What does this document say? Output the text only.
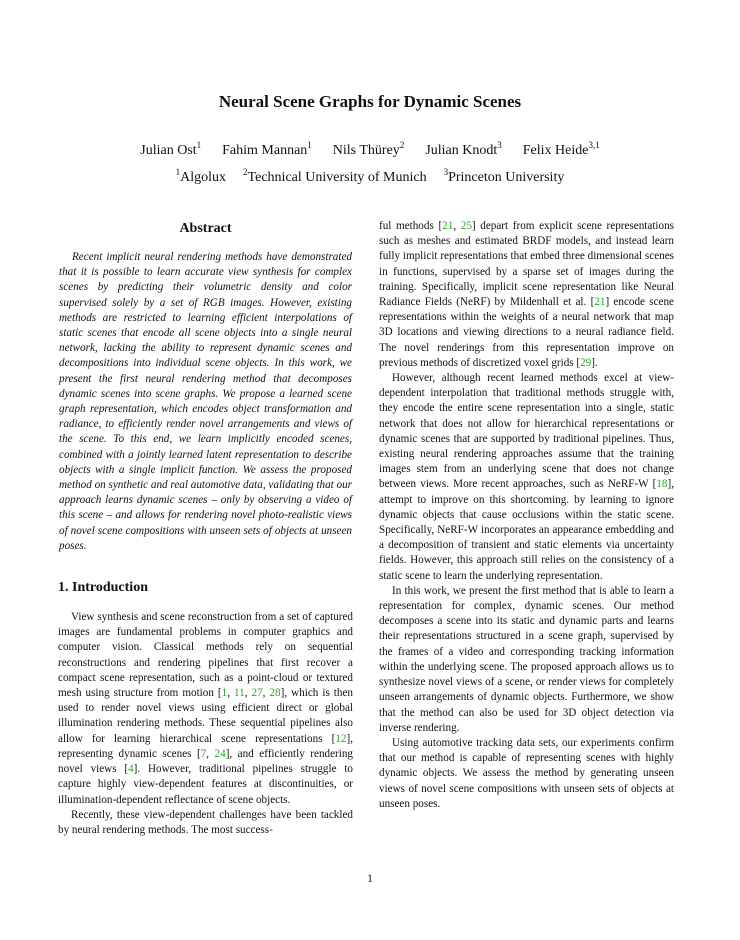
Neural Scene Graphs for Dynamic Scenes
Julian Ost$^1$ Fahim Mannan$^1$ Nils Thürey$^2$ Julian Knodt$^3$ Felix Heide$^{3,1}$
$^1$Algolux $^2$Technical University of Munich $^3$Princeton University
Abstract

Recent implicit neural rendering methods have demonstrated that it is possible to learn accurate view synthesis for complex scenes by predicting their volumetric density and color supervised solely by a set of RGB images. However, existing methods are restricted to learning efficient interpolations of static scenes that encode all scene objects into a single neural network, lacking the ability to represent dynamic scenes and decompositions into individual scene objects. In this work, we present the first neural rendering method that decomposes dynamic scenes into scene graphs. We propose a learned scene graph representation, which encodes object transformation and radiance, to efficiently render novel arrangements and views of the scene. To this end, we learn implicitly encoded scenes, combined with a jointly learned latent representation to describe objects with a single implicit function. We assess the proposed method on synthetic and real automotive data, validating that our approach learns dynamic scenes – only by observing a video of this scene – and allows for rendering novel photo-realistic views of novel scene compositions with unseen sets of objects at unseen poses.

1. Introduction

View synthesis and scene reconstruction from a set of captured images are fundamental problems in computer graphics and computer vision. Classical methods rely on sequential reconstructions and rendering pipelines that first recover a compact scene representation, such as a point-cloud or textured mesh using structure from motion [1, 11, 27, 28], which is then used to render novel views using efficient direct or global illumination rendering methods. These sequential pipelines also allow for learning hierarchical scene representations [12], representing dynamic scenes [7, 24], and efficiently rendering novel views [4]. However, traditional pipelines struggle to capture highly view-dependent features at discontinuities, or illumination-dependent reflectance of scene objects.

Recently, these view-dependent challenges have been tackled by neural rendering methods. The most success-

ful methods [21, 25] depart from explicit scene representations such as meshes and estimated BRDF models, and instead learn fully implicit representations that embed three dimensional scenes in functions, supervised by a sparse set of images during the training. Specifically, implicit scene representation like Neural Radiance Fields (NeRF) by Mildenhall et al. [21] encode scene representations within the weights of a neural network that map 3D locations and viewing directions to a neural radiance field. The novel renderings from this representation improve on previous methods of discretized voxel grids [29].

However, although recent learned methods excel at view-dependent interpolation that traditional methods struggle with, they encode the entire scene representation into a single, static network that does not allow for hierarchical representations or dynamic scenes that are supported by traditional pipelines. Thus, existing neural rendering approaches assume that the training images stem from an underlying scene that does not change between views. More recent approaches, such as NeRF-W [18], attempt to improve on this shortcoming. by learning to ignore dynamic objects that cause occlusions within the static scene. Specifically, NeRF-W incorporates an appearance embedding and a decomposition of transient and static elements via uncertainty fields. However, this approach still relies on the consistency of a static scene to learn the underlying representation.

In this work, we present the first method that is able to learn a representation for complex, dynamic scenes. Our method decomposes a scene into its static and dynamic parts and learns their representations structured in a scene graph, supervised by the frames of a video and corresponding tracking information within the underlying scene. The proposed approach allows us to synthesize novel views of a scene, or render views for completely unseen arrangements of dynamic objects. Furthermore, we show that the method can also be used for 3D object detection via inverse rendering.

Using automotive tracking data sets, our experiments confirm that our method is capable of representing scenes with highly dynamic objects. We assess the method by generating unseen views of novel scene compositions with unseen sets of objects at unseen poses.

1
